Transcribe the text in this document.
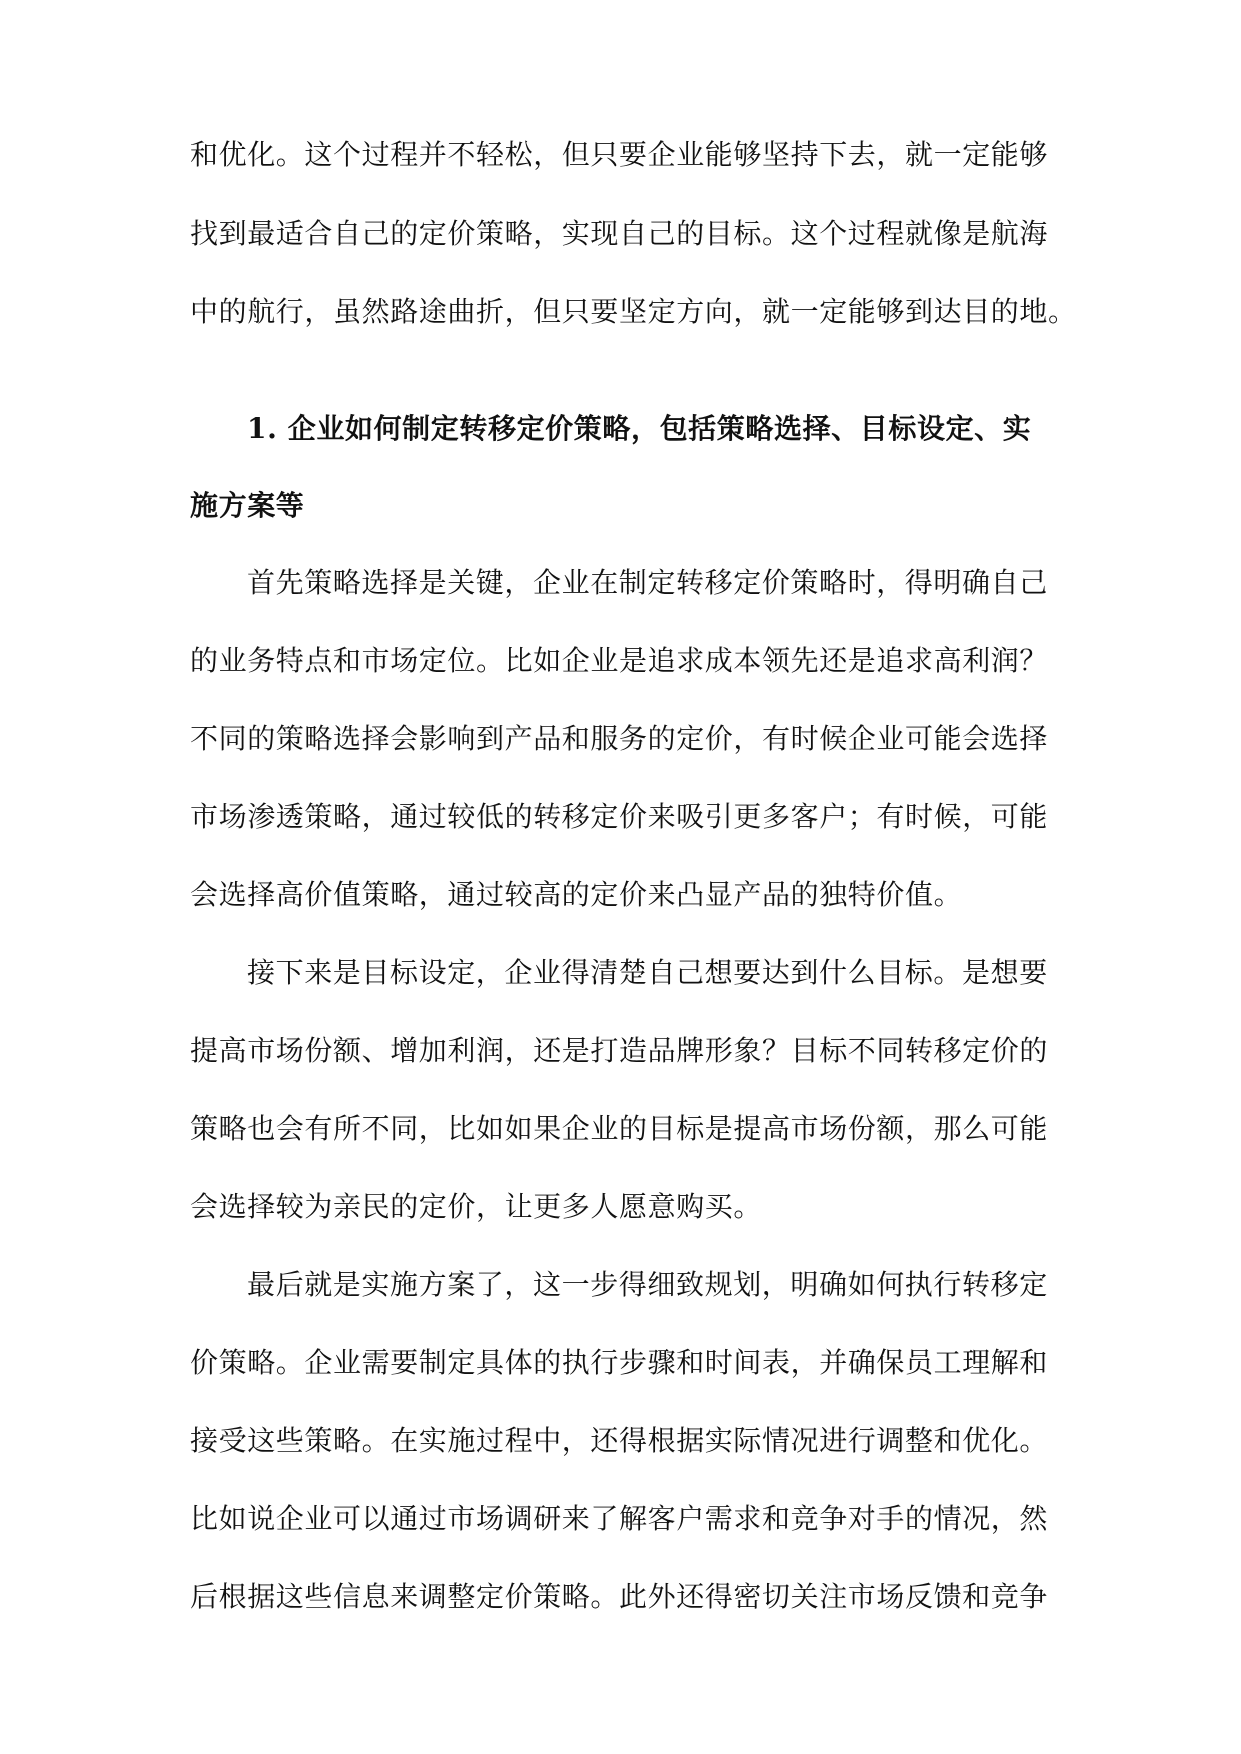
和优化。这个过程并不轻松，但只要企业能够坚持下去，就一定能够
找到最适合自己的定价策略，实现自己的目标。这个过程就像是航海
中的航行，虽然路途曲折，但只要坚定方向，就一定能够到达目的地。
1. 企业如何制定转移定价策略，包括策略选择、目标设定、实
施方案等
首先策略选择是关键，企业在制定转移定价策略时，得明确自己
的业务特点和市场定位。比如企业是追求成本领先还是追求高利润？
不同的策略选择会影响到产品和服务的定价，有时候企业可能会选择
市场渗透策略，通过较低的转移定价来吸引更多客户；有时候，可能
会选择高价值策略，通过较高的定价来凸显产品的独特价值。
接下来是目标设定，企业得清楚自己想要达到什么目标。是想要
提高市场份额、增加利润，还是打造品牌形象？目标不同转移定价的
策略也会有所不同，比如如果企业的目标是提高市场份额，那么可能
会选择较为亲民的定价，让更多人愿意购买。
最后就是实施方案了，这一步得细致规划，明确如何执行转移定
价策略。企业需要制定具体的执行步骤和时间表，并确保员工理解和
接受这些策略。在实施过程中，还得根据实际情况进行调整和优化。
比如说企业可以通过市场调研来了解客户需求和竞争对手的情况，然
后根据这些信息来调整定价策略。此外还得密切关注市场反馈和竞争
